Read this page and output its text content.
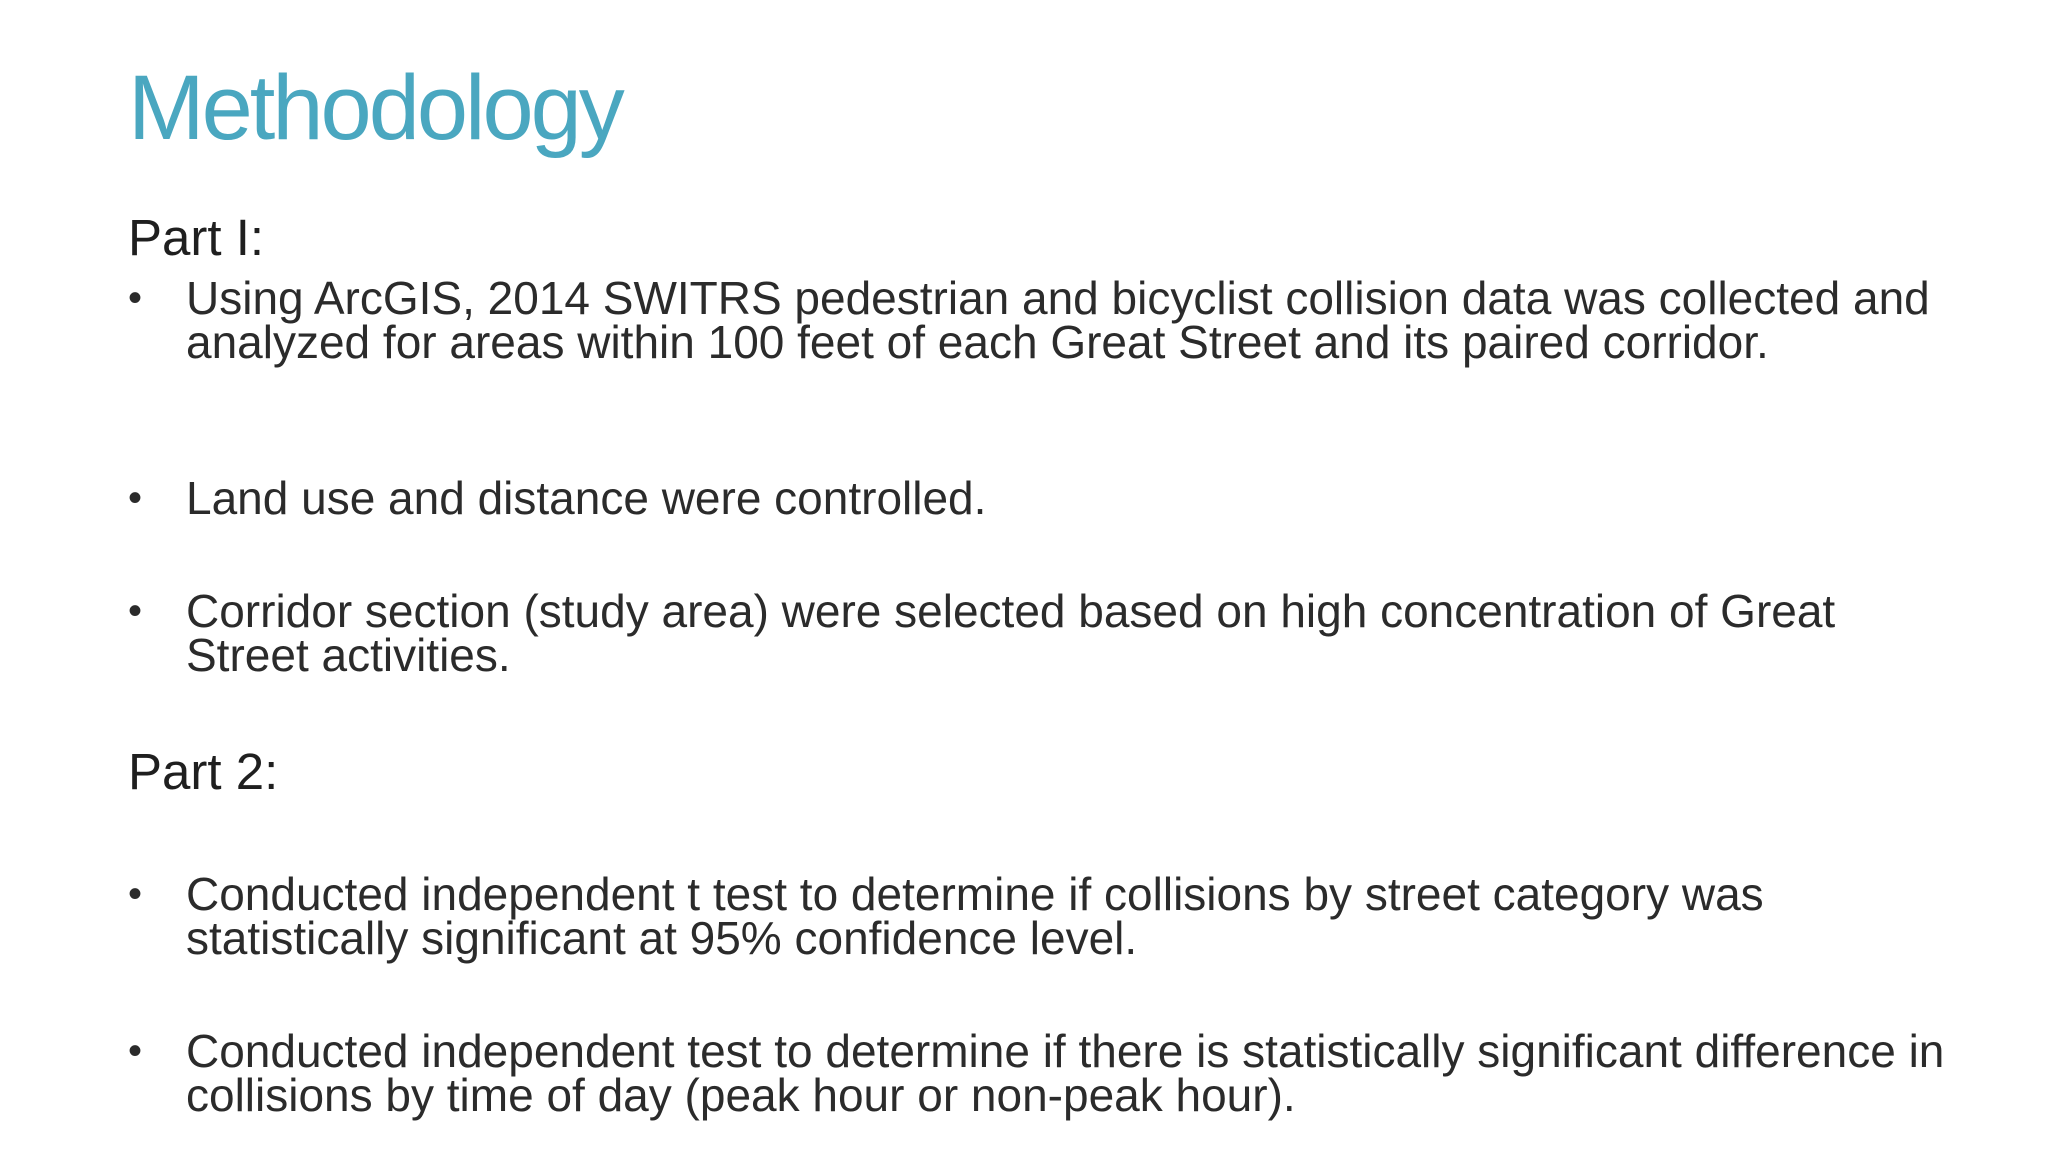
Methodology
Part I:
• Using ArcGIS, 2014 SWITRS pedestrian and bicyclist collision data was collected and analyzed for areas within 100 feet of each Great Street and its paired corridor.
• Land use and distance were controlled.
• Corridor section (study area) were selected based on high concentration of Great Street activities.
Part 2:
• Conducted independent t test to determine if collisions by street category was statistically significant at 95% confidence level.
• Conducted independent test to determine if there is statistically significant difference in collisions by time of day (peak hour or non-peak hour).
